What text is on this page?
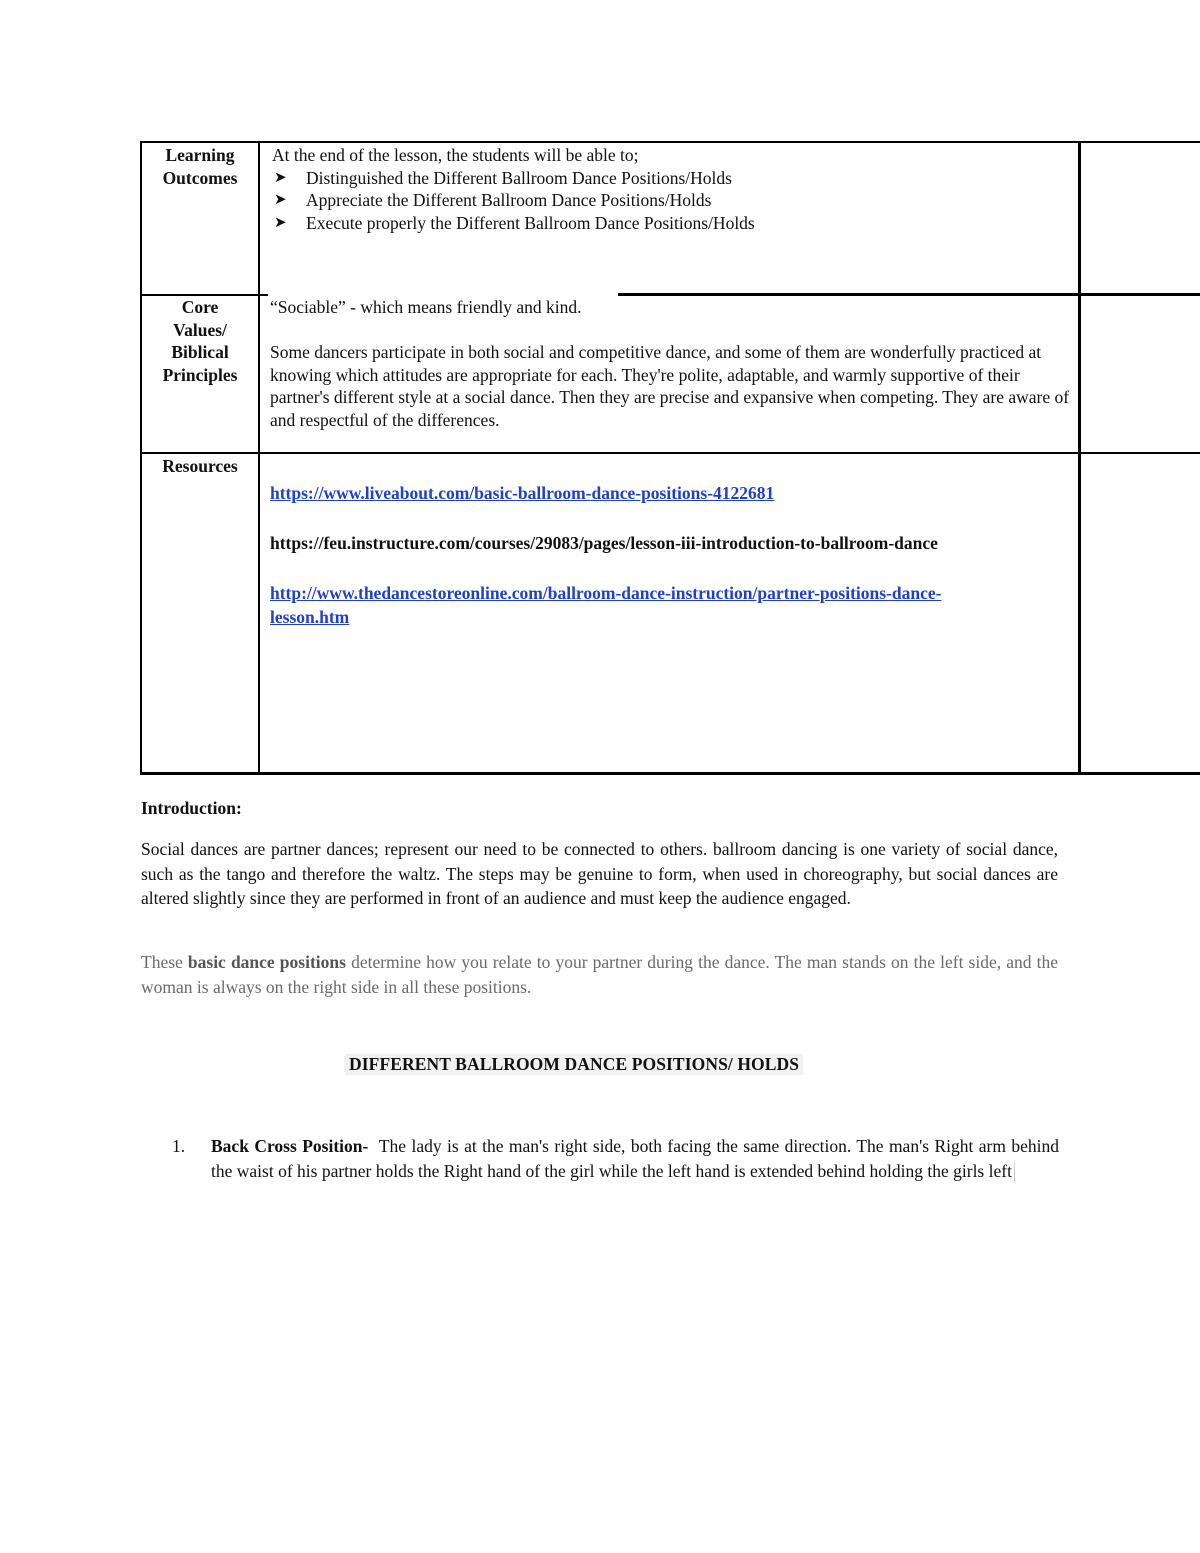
Learning
Outcomes
At the end of the lesson, the students will be able to;
➤ Distinguished the Different Ballroom Dance Positions/Holds
➤ Appreciate the Different Ballroom Dance Positions/Holds
➤ Execute properly the Different Ballroom Dance Positions/Holds
Core
Values/
Biblical
Principles
“Sociable” - which means friendly and kind.
Some dancers participate in both social and competitive dance, and some of them are wonderfully practiced at knowing which attitudes are appropriate for each. They're polite, adaptable, and warmly supportive of their partner's different style at a social dance. Then they are precise and expansive when competing. They are aware of and respectful of the differences.
Resources
https://www.liveabout.com/basic-ballroom-dance-positions-4122681
https://feu.instructure.com/courses/29083/pages/lesson-iii-introduction-to-ballroom-dance
http://www.thedancestoreonline.com/ballroom-dance-instruction/partner-positions-dance-
lesson.htm
Introduction:
Social dances are partner dances; represent our need to be connected to others. ballroom dancing is one variety of social dance, such as the tango and therefore the waltz. The steps may be genuine to form, when used in choreography, but social dances are altered slightly since they are performed in front of an audience and must keep the audience engaged.
These basic dance positions determine how you relate to your partner during the dance. The man stands on the left side, and the woman is always on the right side in all these positions.
DIFFERENT BALLROOM DANCE POSITIONS/ HOLDS
1. Back Cross Position-  The lady is at the man's right side, both facing the same direction. The man's Right arm behind the waist of his partner holds the Right hand of the girl while the left hand is extended behind holding the girls left
